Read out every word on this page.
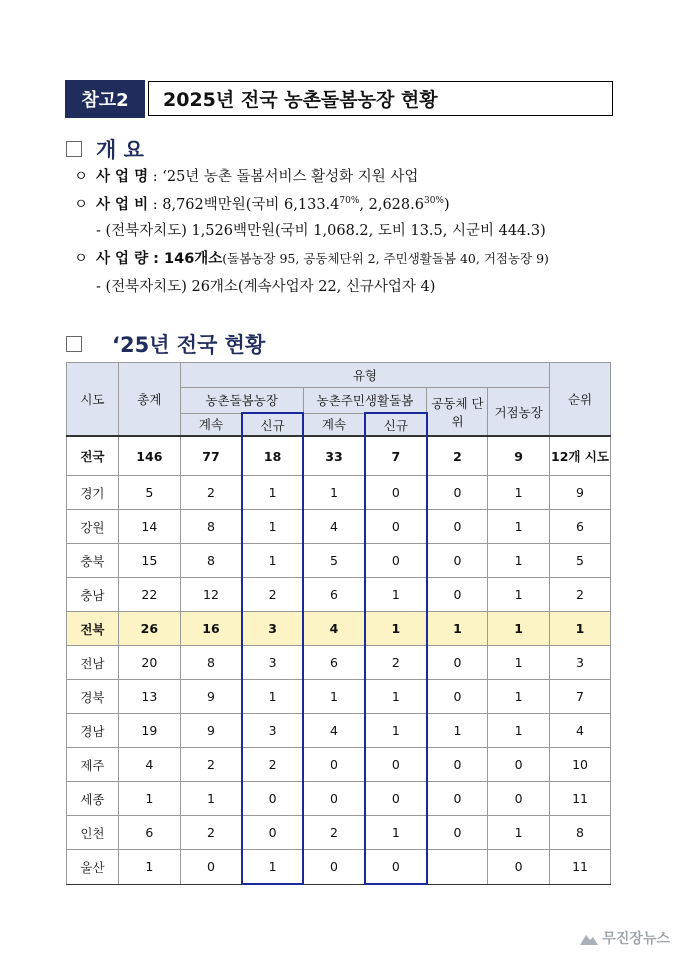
참고2	2025년 전국 농촌돌봄농장 현황
개 요
ㅇ 사 업 명 : ‘25년 농촌 돌봄서비스 활성화 지원 사업
ㅇ 사 업 비 : 8,762백만원(국비 $6,133.4^{70\%}$, $2,628.6^{30\%}$)
- (전북자치도) 1,526백만원(국비 1,068.2, 도비 13.5, 시군비 444.3)
ㅇ 사 업 량 : 146개소(돌봄농장 95, 공동체단위 2, 주민생활돌봄 40, 거점농장 9)
- (전북자치도) 26개소(계속사업자 22, 신규사업자 4)
‘25년 전국 현황
시도	총계	유형						순위
		농촌돌봄농장		농촌주민생활돌봄		공동체 단위	거점농장	
		계속	신규	계속	신규			
전국	146	77	18	33	7	2	9	12개 시도
경기	5	2	1	1	0	0	1	9
강원	14	8	1	4	0	0	1	6
충북	15	8	1	5	0	0	1	5
충남	22	12	2	6	1	0	1	2
전북	26	16	3	4	1	1	1	1
전남	20	8	3	6	2	0	1	3
경북	13	9	1	1	1	0	1	7
경남	19	9	3	4	1	1	1	4
제주	4	2	2	0	0	0	0	10
세종	1	1	0	0	0	0	0	11
인천	6	2	0	2	1	0	1	8
울산	1	0	1	0	0		0	11
무진장뉴스
